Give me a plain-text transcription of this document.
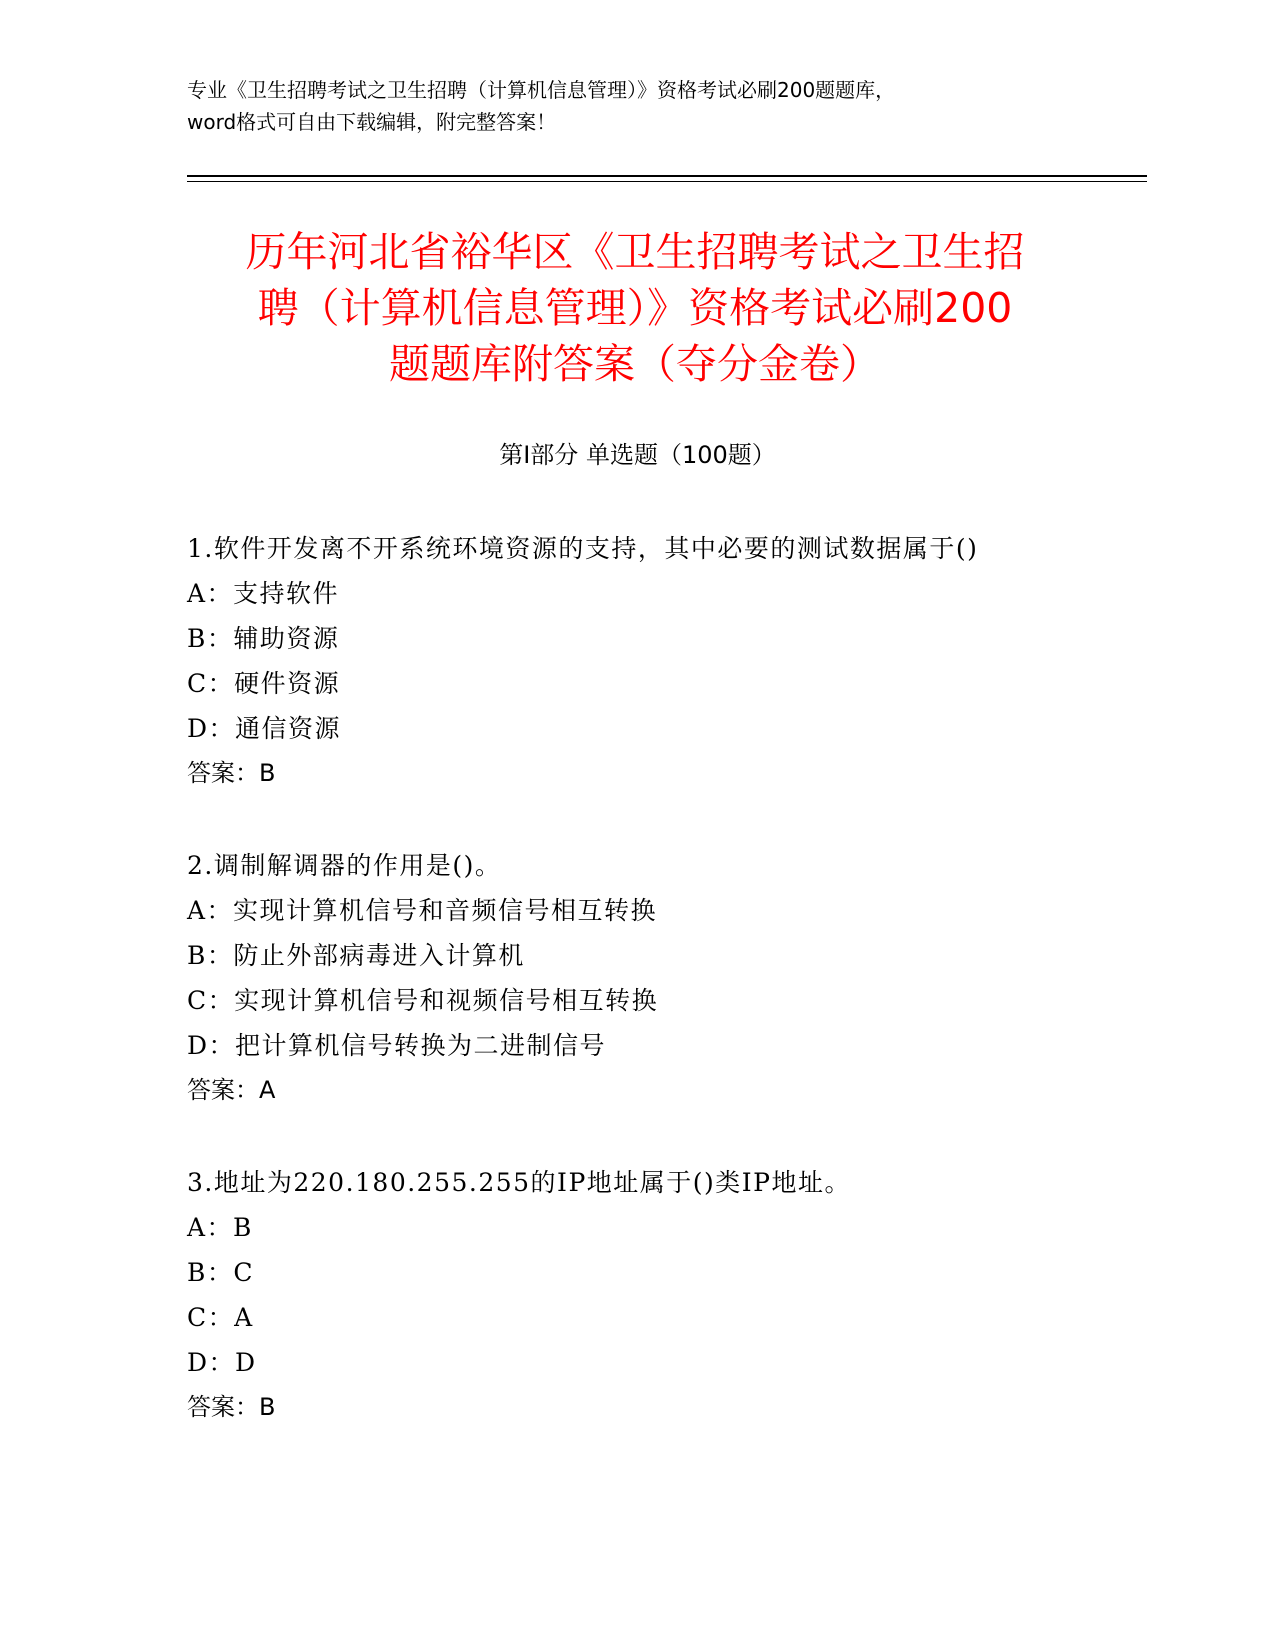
专业《卫生招聘考试之卫生招聘（计算机信息管理）》资格考试必刷200题题库，
word格式可自由下载编辑，附完整答案！
历年河北省裕华区《卫生招聘考试之卫生招
聘（计算机信息管理）》资格考试必刷200
题题库附答案（夺分金卷）
第Ⅰ部分 单选题（100题）
1.软件开发离不开系统环境资源的支持，其中必要的测试数据属于()
A：支持软件
B：辅助资源
C：硬件资源
D：通信资源
答案：B
2.调制解调器的作用是()。
A：实现计算机信号和音频信号相互转换
B：防止外部病毒进入计算机
C：实现计算机信号和视频信号相互转换
D：把计算机信号转换为二进制信号
答案：A
3.地址为220.180.255.255的IP地址属于()类IP地址。
A：B
B：C
C：A
D：D
答案：B
